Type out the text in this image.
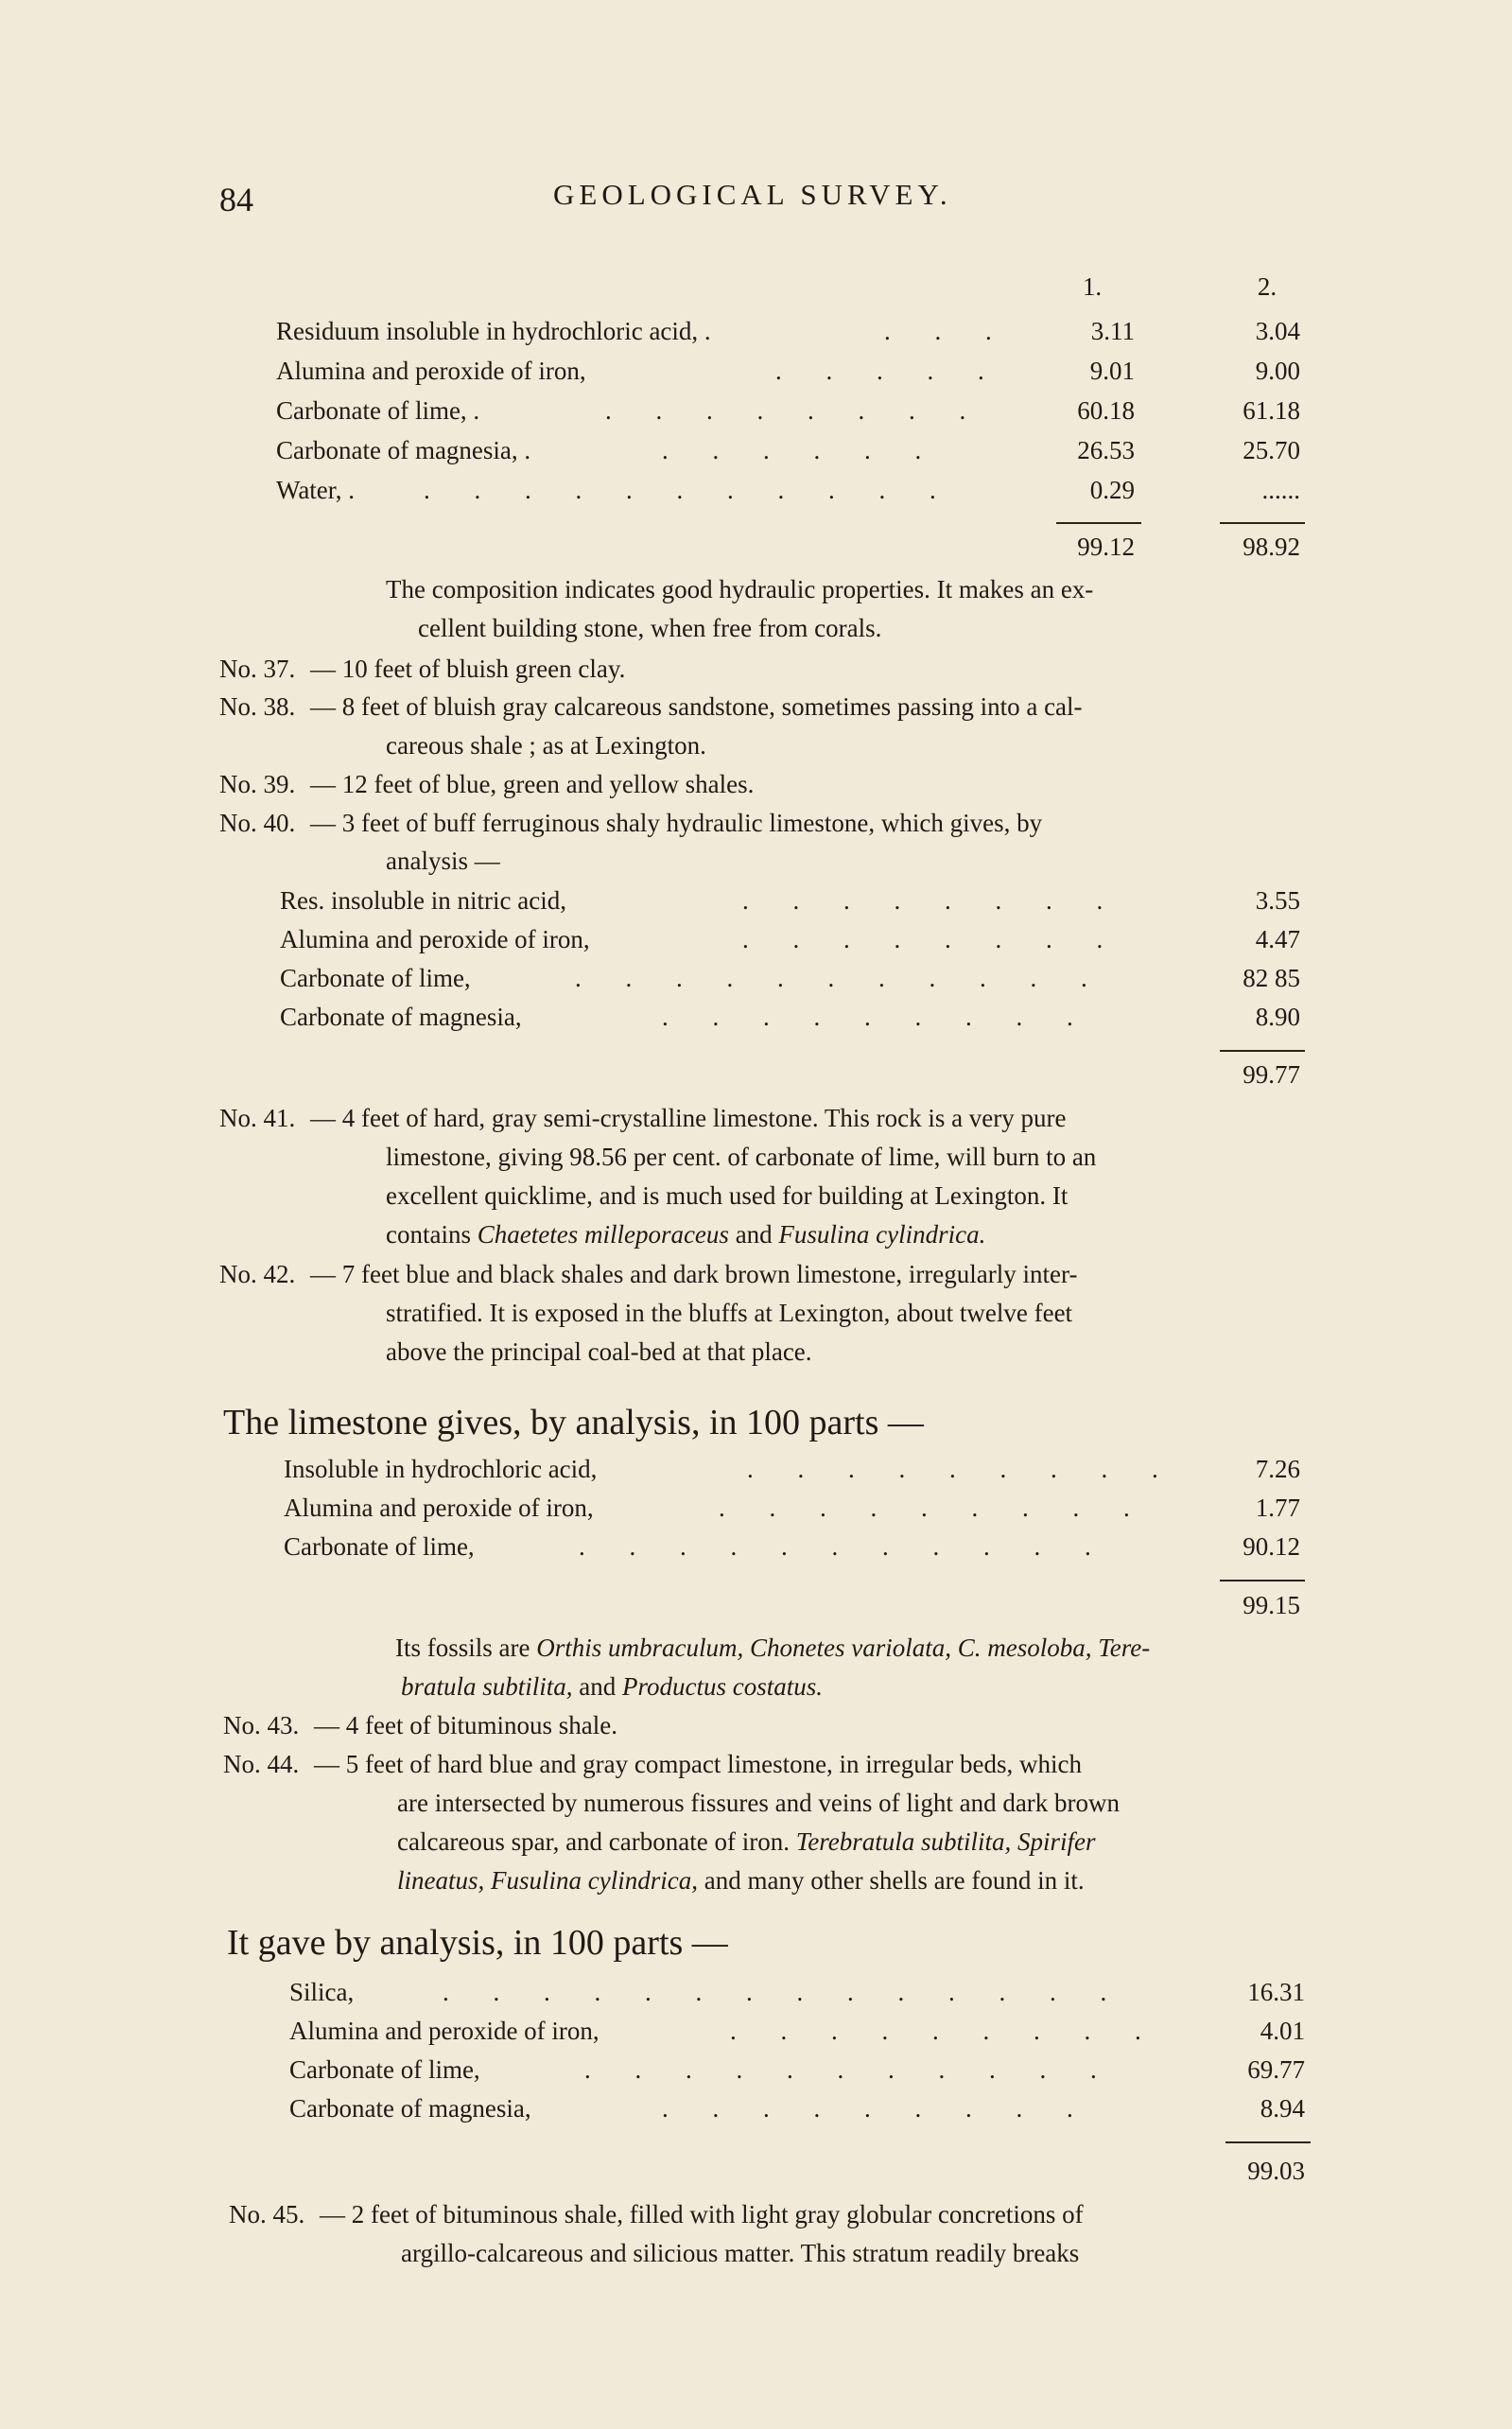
84	GEOLOGICAL SURVEY.
1.	2.
Residuum insoluble in hydrochloric acid, .	. . .	3.11	3.04
Alumina and peroxide of iron,	. . . . .	9.01	9.00
Carbonate of lime, .	. . . . . . . .	60.18	61.18
Carbonate of magnesia, .	. . . . . .	26.53	25.70
Water, .	. . . . . . . . . . .	0.29	......
99.12	98.92
The composition indicates good hydraulic properties. It makes an ex-
cellent building stone, when free from corals.
No. 37. — 10 feet of bluish green clay.
No. 38. — 8 feet of bluish gray calcareous sandstone, sometimes passing into a cal-
careous shale ; as at Lexington.
No. 39. — 12 feet of blue, green and yellow shales.
No. 40. — 3 feet of buff ferruginous shaly hydraulic limestone, which gives, by
analysis —
Res. insoluble in nitric acid,	. . . . . . . .	3.55
Alumina and peroxide of iron,	. . . . . . . .	4.47
Carbonate of lime,	. . . . . . . . . . .	82 85
Carbonate of magnesia,	. . . . . . . . .	8.90
99.77
No. 41. — 4 feet of hard, gray semi-crystalline limestone. This rock is a very pure
limestone, giving 98.56 per cent. of carbonate of lime, will burn to an
excellent quicklime, and is much used for building at Lexington. It
contains Chaetetes milleporaceus and Fusulina cylindrica.
No. 42. — 7 feet blue and black shales and dark brown limestone, irregularly inter-
stratified. It is exposed in the bluffs at Lexington, about twelve feet
above the principal coal-bed at that place.
The limestone gives, by analysis, in 100 parts —
Insoluble in hydrochloric acid,	. . . . . . . . .	7.26
Alumina and peroxide of iron,	. . . . . . . . .	1.77
Carbonate of lime,	. . . . . . . . . . .	90.12
99.15
Its fossils are Orthis umbraculum, Chonetes variolata, C. mesoloba, Tere-
bratula subtilita, and Productus costatus.
No. 43. — 4 feet of bituminous shale.
No. 44. — 5 feet of hard blue and gray compact limestone, in irregular beds, which
are intersected by numerous fissures and veins of light and dark brown
calcareous spar, and carbonate of iron. Terebratula subtilita, Spirifer
lineatus, Fusulina cylindrica, and many other shells are found in it.
It gave by analysis, in 100 parts —
Silica,	. . . . . . . . . . . . . .	16.31
Alumina and peroxide of iron,	. . . . . . . . .	4.01
Carbonate of lime,	. . . . . . . . . . .	69.77
Carbonate of magnesia,	. . . . . . . . .	8.94
99.03
No. 45. — 2 feet of bituminous shale, filled with light gray globular concretions of
argillo-calcareous and silicious matter. This stratum readily breaks
